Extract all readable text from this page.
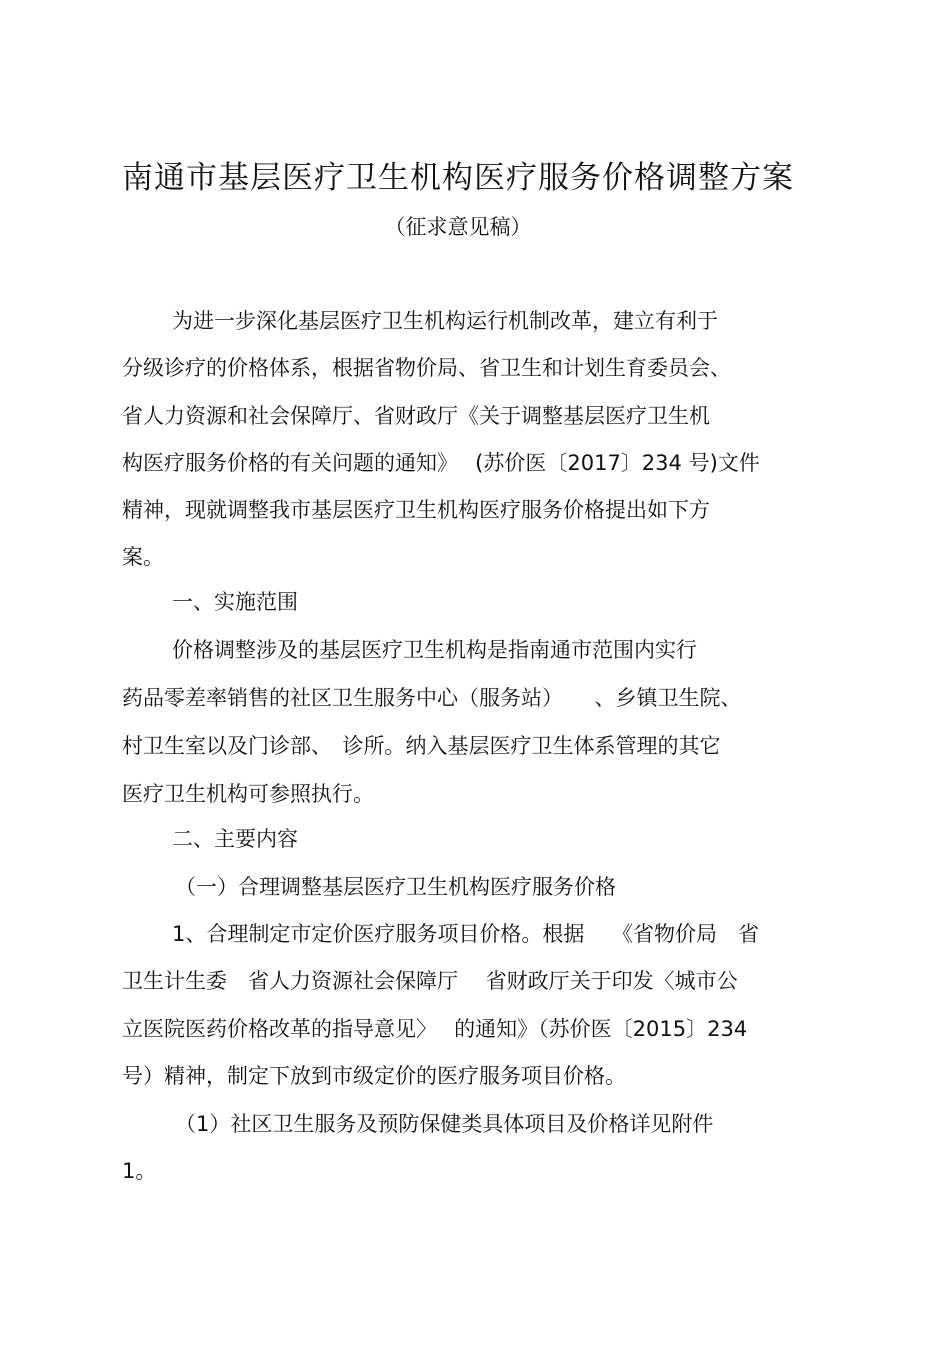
南通市基层医疗卫生机构医疗服务价格调整方案
（征求意见稿）
为进一步深化基层医疗卫生机构运行机制改革，建立有利于
分级诊疗的价格体系，根据省物价局、省卫生和计划生育委员会、
省人力资源和社会保障厅、省财政厅《关于调整基层医疗卫生机
构医疗服务价格的有关问题的通知》　 (苏价医〔2017〕234 号)文件
精神，现就调整我市基层医疗卫生机构医疗服务价格提出如下方
案。
一、实施范围
价格调整涉及的基层医疗卫生机构是指南通市范围内实行
药品零差率销售的社区卫生服务中心（服务站）　　、乡镇卫生院、
村卫生室以及门诊部、　诊所。纳入基层医疗卫生体系管理的其它
医疗卫生机构可参照执行。
二、主要内容
（一）合理调整基层医疗卫生机构医疗服务价格
1、合理制定市定价医疗服务项目价格。根据　 《省物价局　省
卫生计生委　省人力资源社会保障厅　 省财政厅关于印发〈城市公
立医院医药价格改革的指导意见〉　 的通知》（苏价医〔2015〕234
号）精神，制定下放到市级定价的医疗服务项目价格。
（1）社区卫生服务及预防保健类具体项目及价格详见附件
1。
